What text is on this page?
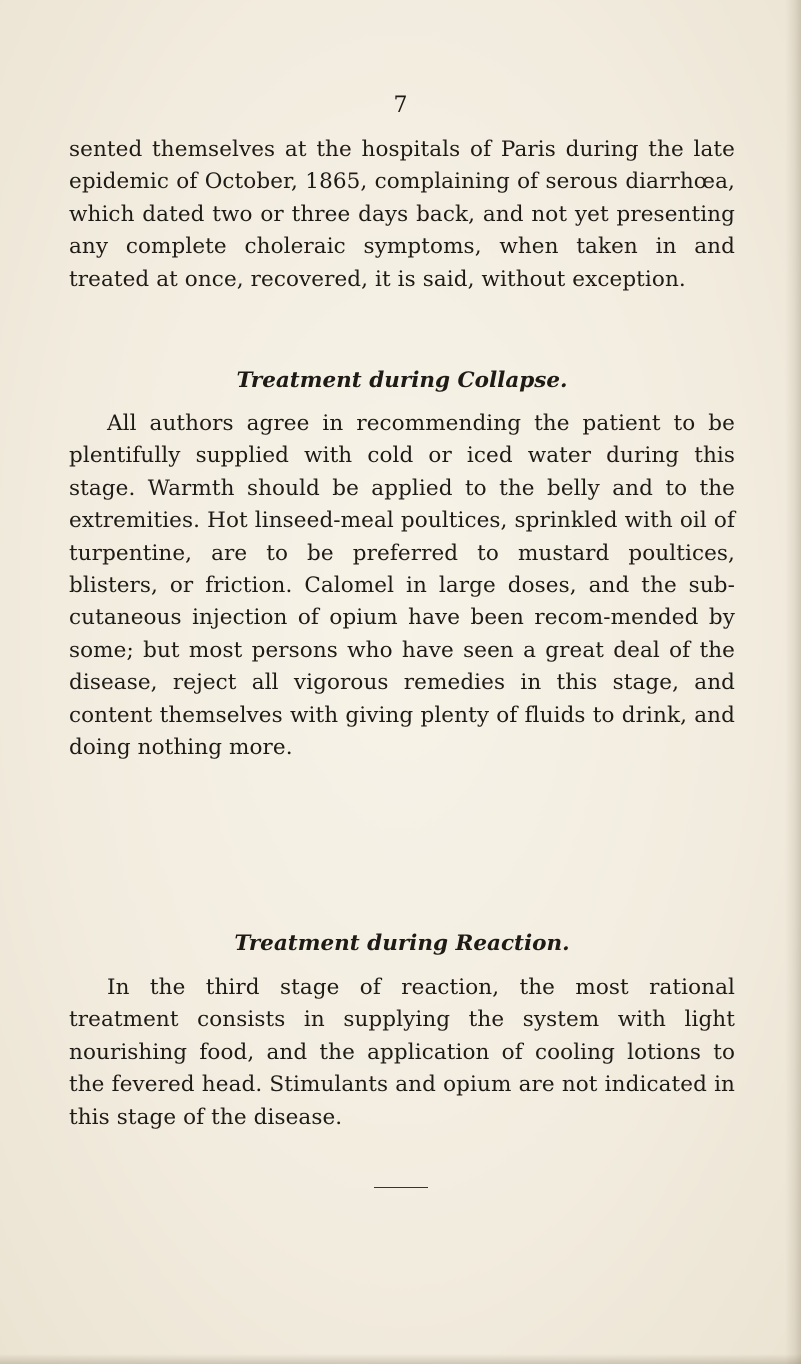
7

sented themselves at the hospitals of Paris during the late epidemic of October, 1865, complaining of serous diarrhœa, which dated two or three days back, and not yet presenting any complete choleraic symptoms, when taken in and treated at once, recovered, it is said, without exception.

Treatment during Collapse.

All authors agree in recommending the patient to be plentifully supplied with cold or iced water during this stage. Warmth should be applied to the belly and to the extremities. Hot linseed-meal poultices, sprinkled with oil of turpentine, are to be preferred to mustard poultices, blisters, or friction. Calomel in large doses, and the sub-cutaneous injection of opium have been recom-mended by some; but most persons who have seen a great deal of the disease, reject all vigorous remedies in this stage, and content themselves with giving plenty of fluids to drink, and doing nothing more.

Treatment during Reaction.

In the third stage of reaction, the most rational treatment consists in supplying the system with light nourishing food, and the application of cooling lotions to the fevered head. Stimulants and opium are not indicated in this stage of the disease.
